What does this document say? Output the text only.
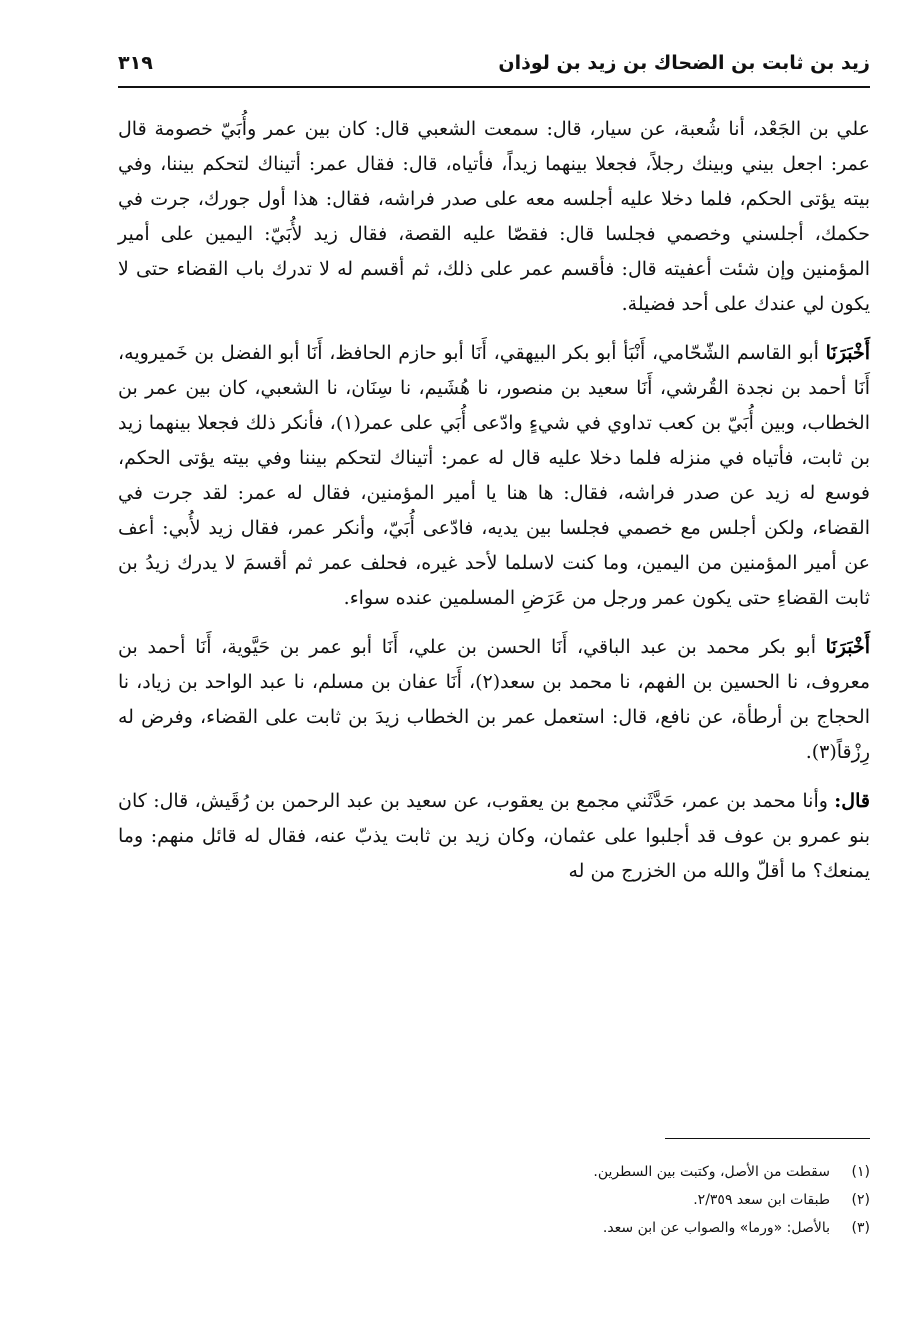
زيد بن ثابت بن الضحاك بن زيد بن لوذان
٣١٩

علي بن الجَعْد، أنا شُعبة، عن سيار، قال: سمعت الشعبي قال: كان بين عمر وأُبَيّ خصومة قال عمر: اجعل بيني وبينك رجلاً، فجعلا بينهما زيداً، فأتياه، قال: فقال عمر: أتيناك لتحكم بيننا، وفي بيته يؤتى الحكم، فلما دخلا عليه أجلسه معه على صدر فراشه، فقال: هذا أول جورك، جرت في حكمك، أجلسني وخصمي فجلسا قال: فقصّا عليه القصة، فقال زيد لأُبَيّ: اليمين على أمير المؤمنين وإن شئت أعفيته قال: فأقسم عمر على ذلك، ثم أقسم له لا تدرك باب القضاء حتى لا يكون لي عندك على أحد فضيلة.

أَخْبَرَنَا أبو القاسم الشّحّامي، أَنْبَأ أبو بكر البيهقي، أَنَا أبو حازم الحافظ، أَنَا أبو الفضل بن خَميرويه، أَنَا أحمد بن نجدة القُرشي، أَنَا سعيد بن منصور، نا هُشَيم، نا سِنَان، نا الشعبي، كان بين عمر بن الخطاب، وبين أُبَيّ بن كعب تداوي في شيءٍ وادّعى أُبَي على عمر(١)، فأنكر ذلك فجعلا بينهما زيد بن ثابت، فأتياه في منزله فلما دخلا عليه قال له عمر: أتيناك لتحكم بيننا وفي بيته يؤتى الحكم، فوسع له زيد عن صدر فراشه، فقال: ها هنا يا أمير المؤمنين، فقال له عمر: لقد جرت في القضاء، ولكن أجلس مع خصمي فجلسا بين يديه، فادّعى أُبَيّ، وأنكر عمر، فقال زيد لأُبي: أعف عن أمير المؤمنين من اليمين، وما كنت لاسلما لأحد غيره، فحلف عمر ثم أقسمَ لا يدرك زيدُ بن ثابت القضاءِ حتى يكون عمر ورجل من عَرَضِ المسلمين عنده سواء.

أَخْبَرَنَا أبو بكر محمد بن عبد الباقي، أَنَا الحسن بن علي، أَنَا أبو عمر بن حَيَّوية، أَنَا أحمد بن معروف، نا الحسين بن الفهم، نا محمد بن سعد(٢)، أَنَا عفان بن مسلم، نا عبد الواحد بن زياد، نا الحجاج بن أرطأة، عن نافع، قال: استعمل عمر بن الخطاب زيدَ بن ثابت على القضاء، وفرض له رِزْقاً(٣).

قال: وأنا محمد بن عمر، حَدَّثَني مجمع بن يعقوب، عن سعيد بن عبد الرحمن بن رُقَيش، قال: كان بنو عمرو بن عوف قد أجلبوا على عثمان، وكان زيد بن ثابت يذبّ عنه، فقال له قائل منهم: وما يمنعك؟ ما أقلّ والله من الخزرج من له

(١)سقطت من الأصل، وكتبت بين السطرين.
(٢)طبقات ابن سعد ٢/٣٥٩.
(٣)بالأصل: «ورما» والصواب عن ابن سعد.
